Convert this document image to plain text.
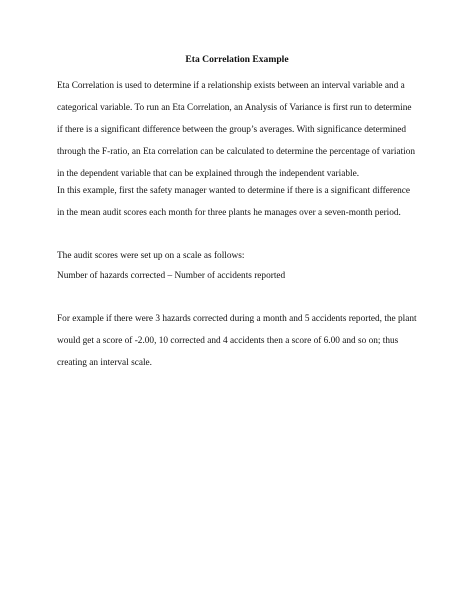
Eta Correlation Example
Eta Correlation is used to determine if a relationship exists between an interval variable and a
categorical variable. To run an Eta Correlation, an Analysis of Variance is first run to determine
if there is a significant difference between the group’s averages. With significance determined
through the F-ratio, an Eta correlation can be calculated to determine the percentage of variation
in the dependent variable that can be explained through the independent variable.
In this example, first the safety manager wanted to determine if there is a significant difference
in the mean audit scores each month for three plants he manages over a seven-month period.
The audit scores were set up on a scale as follows:
Number of hazards corrected – Number of accidents reported
For example if there were 3 hazards corrected during a month and 5 accidents reported, the plant
would get a score of -2.00, 10 corrected and 4 accidents then a score of 6.00 and so on; thus
creating an interval scale.
